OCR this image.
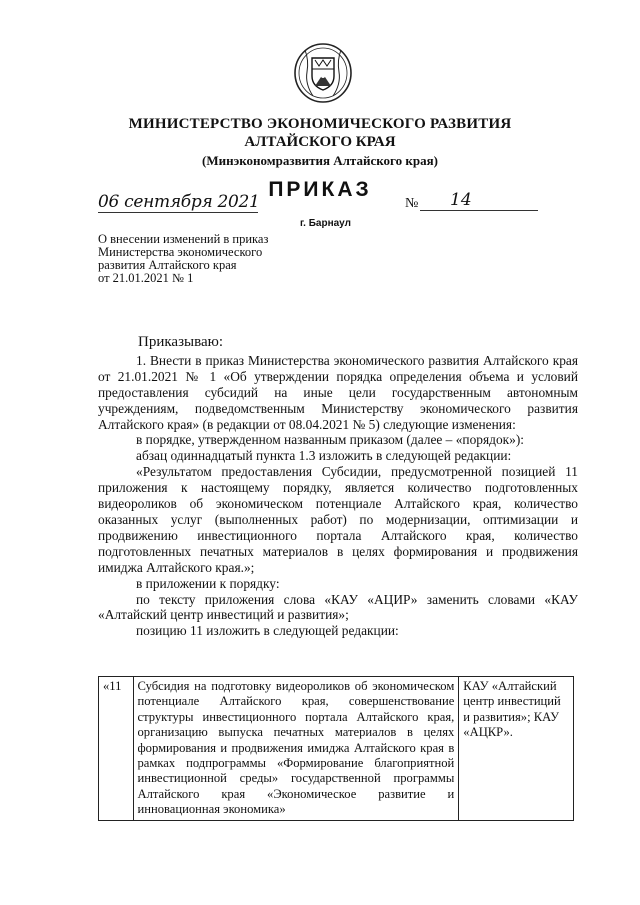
МИНИСТЕРСТВО ЭКОНОМИЧЕСКОГО РАЗВИТИЯ
АЛТАЙСКОГО КРАЯ
(Минэкономразвития Алтайского края)
ПРИКАЗ
06 сентября 2021	№ 14
г. Барнаул
О внесении изменений в приказ
Министерства экономического
развития Алтайского края
от 21.01.2021 № 1

Приказываю:

1. Внести в приказ Министерства экономического развития Алтайского края от 21.01.2021 № 1 «Об утверждении порядка определения объема и условий предоставления субсидий на иные цели государственным автономным учреждениям, подведомственным Министерству экономического развития Алтайского края» (в редакции от 08.04.2021 № 5) следующие изменения:

в порядке, утвержденном названным приказом (далее – «порядок»):

абзац одиннадцатый пункта 1.3 изложить в следующей редакции:

«Результатом предоставления Субсидии, предусмотренной позицией 11 приложения к настоящему порядку, является количество подготовленных видеороликов об экономическом потенциале Алтайского края, количество оказанных услуг (выполненных работ) по модернизации, оптимизации и продвижению инвестиционного портала Алтайского края, количество подготовленных печатных материалов в целях формирования и продвижения имиджа Алтайского края.»;

в приложении к порядку:

по тексту приложения слова «КАУ «АЦИР» заменить словами «КАУ «Алтайский центр инвестиций и развития»;

позицию 11 изложить в следующей редакции:

«11	Субсидия на подготовку видеороликов об экономическом потенциале Алтайского края, совершенствование структуры инвестиционного портала Алтайского края, организацию выпуска печатных материалов в целях формирования и продвижения имиджа Алтайского края в рамках подпрограммы «Формирование благоприятной инвестиционной среды» государственной программы Алтайского края «Экономическое развитие и инновационная экономика»	КАУ «Алтайский центр инвестиций и развития»; КАУ «АЦКР».
